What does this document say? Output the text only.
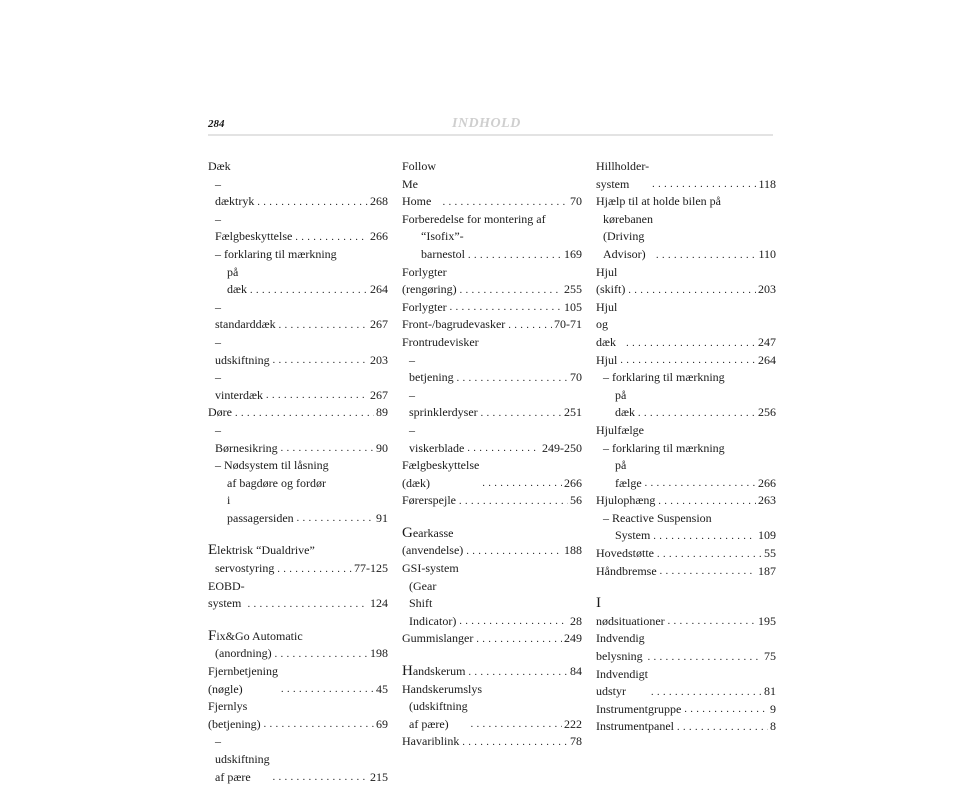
284	INDHOLD
Dæk
– dæktryk . . .	268
– Fælgbeskyttelse . . .	266
– forklaring til mærkning
på dæk . . .	264
– standarddæk . . .	267
– udskiftning . . .	203
– vinterdæk . . .	267
Døre . . .	89
– Børnesikring . . .	90
– Nødsystem til låsning
af bagdøre og fordør
i passagersiden . . .	91
Elektrisk “Dualdrive”
servostyring . . .	77-125
EOBD-system . . .	124
Fix&Go Automatic
(anordning) . . .	198
Fjernbetjening (nøgle) . . .	45
Fjernlys (betjening) . . .	69
– udskiftning af pære . . .	215
Follow Me Home . . .	70
Forberedelse for montering af
“Isofix”-barnestol . . .	169
Forlygter (rengøring) . . .	255
Forlygter . . .	105
Front-/bagrudevasker . . .	70-71
Frontrudevisker
– betjening . . .	70
– sprinklerdyser . . .	251
– viskerblade . . .	249-250
Fælgbeskyttelse (dæk) . . .	266
Førerspejle . . .	56
Gearkasse (anvendelse) . . .	188
GSI-system
(Gear Shift Indicator) . . .	28
Gummislanger . . .	249
Handskerum . . .	84
Handskerumslys
(udskiftning af pære) . . .	222
Havariblink . . .	78
Hillholder-system . . .	118
Hjælp til at holde bilen på
kørebanen (Driving Advisor) . . .	110
Hjul (skift) . . .	203
Hjul og dæk . . .	247
Hjul . . .	264
– forklaring til mærkning
på dæk . . .	256
Hjulfælge
– forklaring til mærkning
på fælge . . .	266
Hjulophæng . . .	263
– Reactive Suspension
System . . .	109
Hovedstøtte . . .	55
Håndbremse . . .	187
I nødsituationer . . .	195
Indvendig belysning . . .	75
Indvendigt udstyr . . .	81
Instrumentgruppe . . .	9
Instrumentpanel . . .	8
